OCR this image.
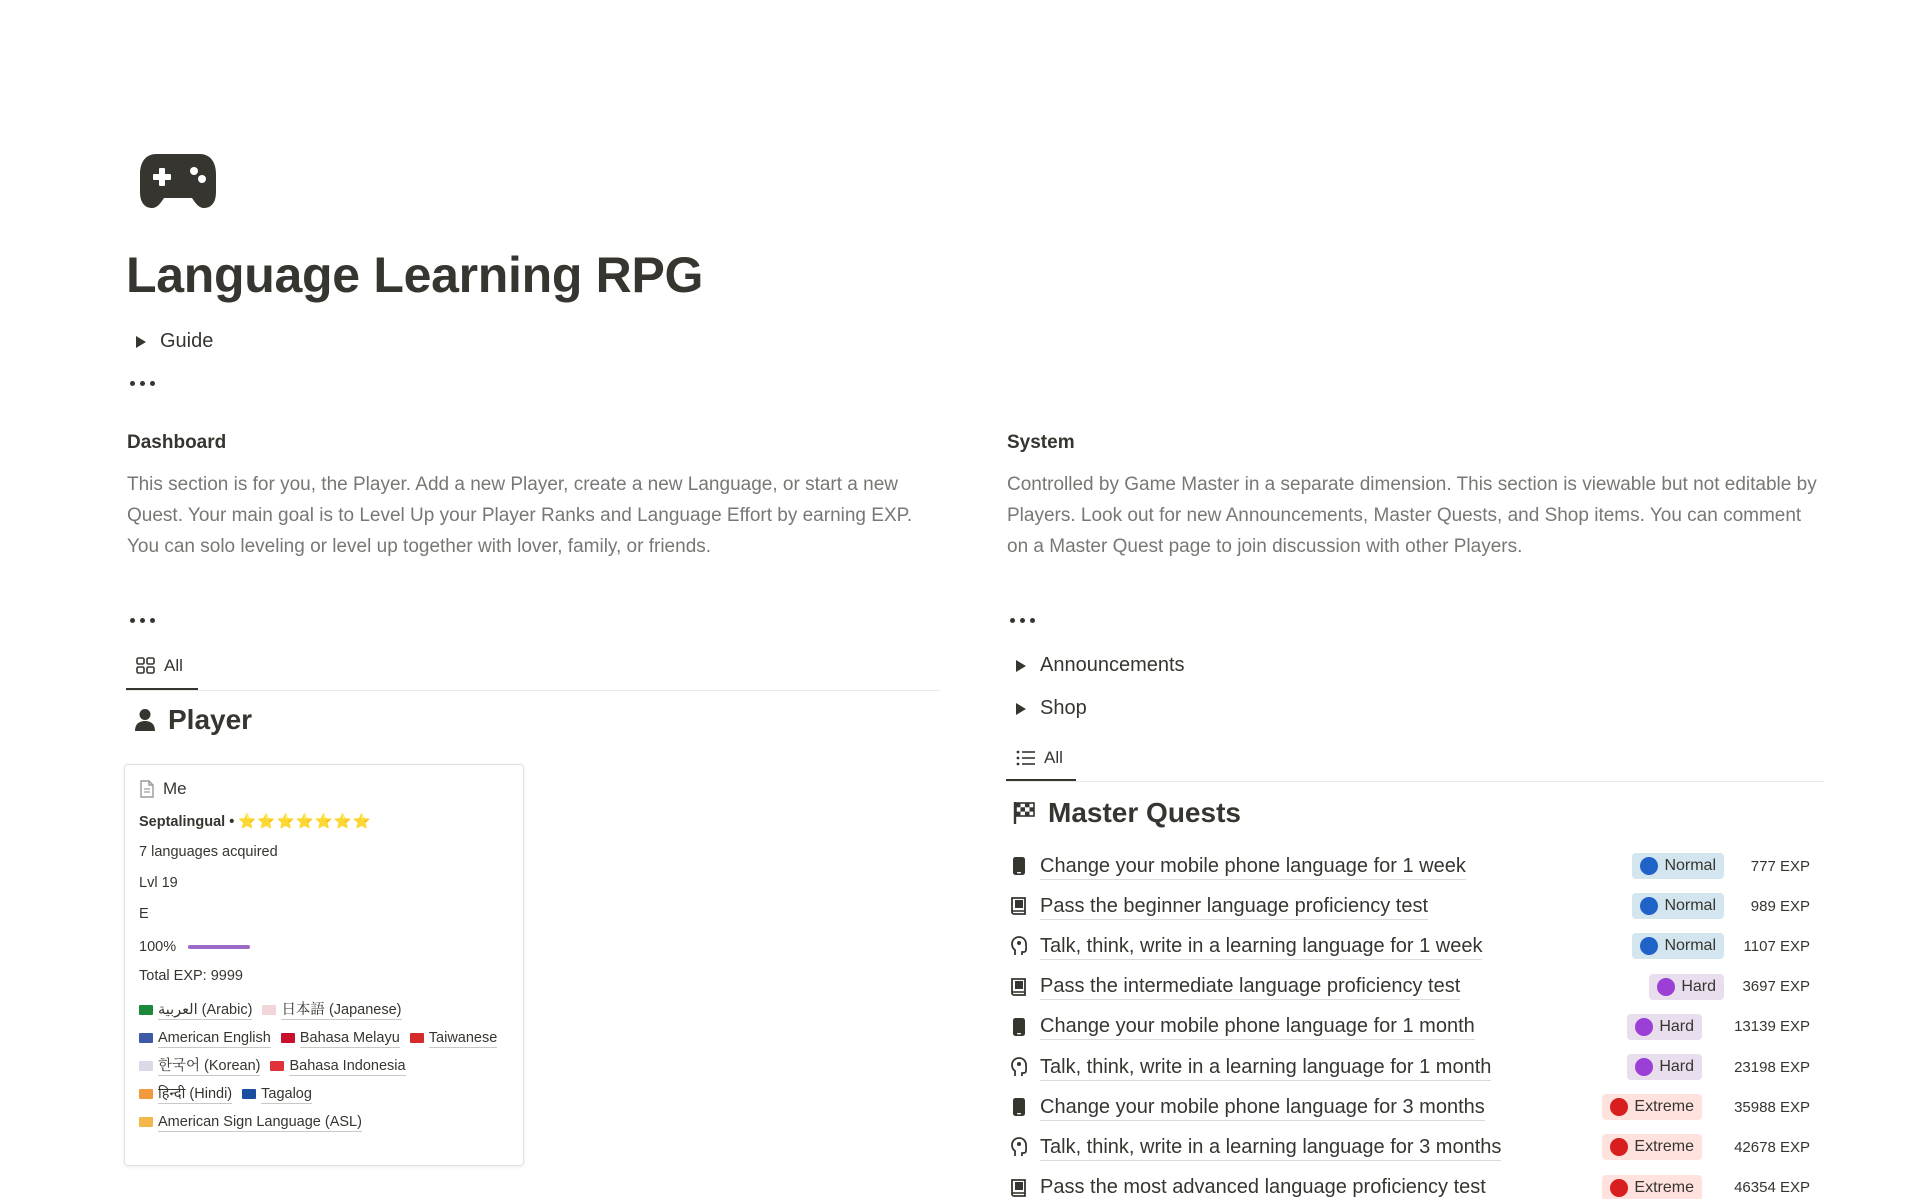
Language Learning RPG
Guide
Dashboard
This section is for you, the Player. Add a new Player, create a new Language, or start a new Quest. Your main goal is to Level Up your Player Ranks and Language Effort by earning EXP. You can solo leveling or level up together with lover, family, or friends.
All
Player
Me
Septalingual • ⭐⭐⭐⭐⭐⭐⭐
7 languages acquired
Lvl 19
E
100%
Total EXP: 9999
العربية (Arabic) 日本語 (Japanese)
American English Bahasa Melayu Taiwanese
한국어 (Korean) Bahasa Indonesia
हिन्दी (Hindi) Tagalog
American Sign Language (ASL)
System
Controlled by Game Master in a separate dimension. This section is viewable but not editable by Players. Look out for new Announcements, Master Quests, and Shop items. You can comment on a Master Quest page to join discussion with other Players.
Announcements
Shop
All
Master Quests
Change your mobile phone language for 1 week	Normal 777 EXP
Pass the beginner language proficiency test	Normal 989 EXP
Talk, think, write in a learning language for 1 week	Normal 1107 EXP
Pass the intermediate language proficiency test	Hard 3697 EXP
Change your mobile phone language for 1 month	Hard	13139 EXP
Talk, think, write in a learning language for 1 month	Hard	23198 EXP
Change your mobile phone language for 3 months	Extreme	35988 EXP
Talk, think, write in a learning language for 3 months	Extreme	42678 EXP
Pass the most advanced language proficiency test	Extreme	46354 EXP
